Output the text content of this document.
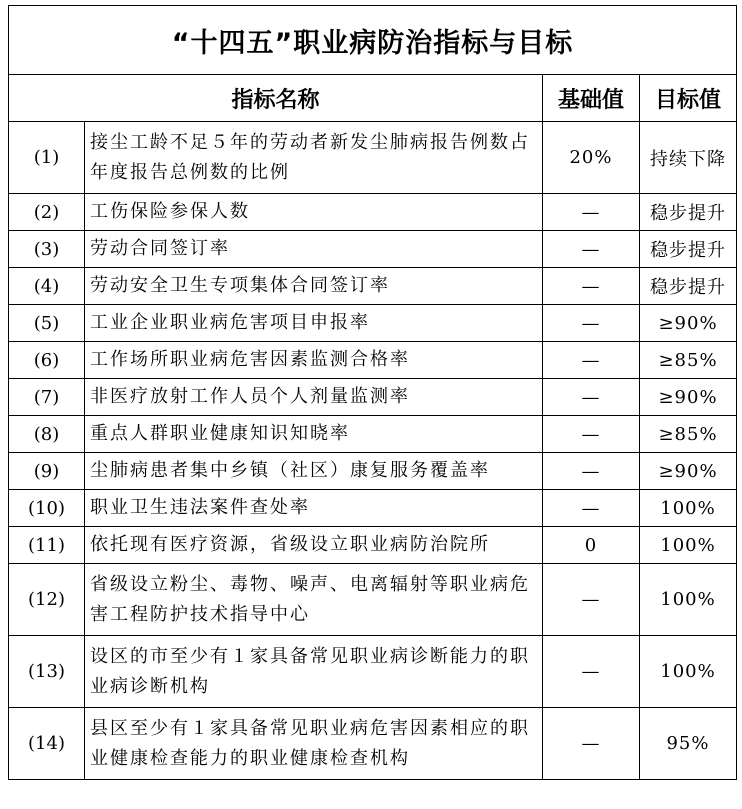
“十四五”职业病防治指标与目标			
指标名称		基础值	目标值
(1)	接尘工龄不足５年的劳动者新发尘肺病报告例数占年度报告总例数的比例	20%	持续下降
(2)	工伤保险参保人数	—	稳步提升
(3)	劳动合同签订率	—	稳步提升
(4)	劳动安全卫生专项集体合同签订率	—	稳步提升
(5)	工业企业职业病危害项目申报率	—	≥90%
(6)	工作场所职业病危害因素监测合格率	—	≥85%
(7)	非医疗放射工作人员个人剂量监测率	—	≥90%
(8)	重点人群职业健康知识知晓率	—	≥85%
(9)	尘肺病患者集中乡镇（社区）康复服务覆盖率	—	≥90%
(10)	职业卫生违法案件查处率	—	100%
(11)	依托现有医疗资源，省级设立职业病防治院所	0	100%
(12)	省级设立粉尘、毒物、噪声、电离辐射等职业病危害工程防护技术指导中心	—	100%
(13)	设区的市至少有１家具备常见职业病诊断能力的职业病诊断机构	—	100%
(14)	县区至少有１家具备常见职业病危害因素相应的职业健康检查能力的职业健康检查机构	—	95%
